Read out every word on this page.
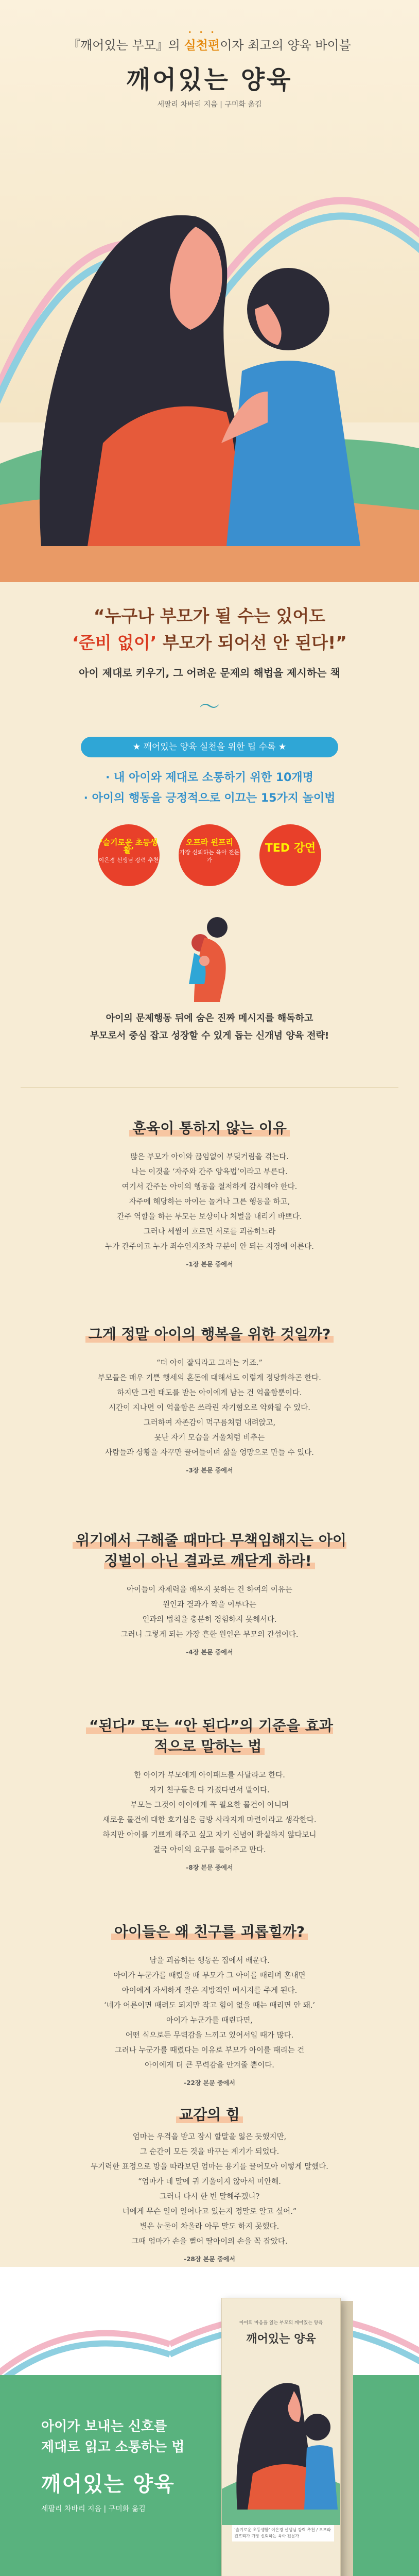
『깨어있는 부모』의 • • • 실천편이자 최고의 양육 바이블
깨어있는 양육
세팔리 차바리 지음 | 구미화 옮김
“누구나 부모가 될 수는 있어도
‘준비 없이’ 부모가 되어선 안 된다!”
아이 제대로 키우기, 그 어려운 문제의 해법을 제시하는 책
〜
★ 깨어있는 양육 실천을 위한 팁 수록 ★
· 내 아이와 제대로 소통하기 위한 10개명
· 아이의 행동을 긍정적으로 이끄는 15가지 놀이법
‘슬기로운 초등생활’
이은경 선생님 강력 추천
오프라 윈프리
가장 신뢰하는 육아 전문가
TED 강연
아이의 문제행동 뒤에 숨은 진짜 메시지를 해독하고
부모로서 중심 잡고 성장할 수 있게 돕는 신개념 양육 전략!
훈육이 통하지 않는 이유
많은 부모가 아이와 끊임없이 부딪거림을 겪는다.
나는 이것을 ‘자주와 간주 양육법’이라고 부른다.
여기서 간주는 아이의 행동을 철저하게 감시해야 한다.
자주에 해당하는 아이는 놀거나 그른 행동을 하고,
간주 역할을 하는 부모는 보상이나 처벌을 내리기 바쁘다.
그러나 세월이 흐르면 서로를 괴롭히느라
누가 간주이고 누가 죄수인지조차 구분이 안 되는 지경에 이른다.
-1장 본문 중에서
그게 정말 아이의 행복을 위한 것일까?
“더 아이 잘되라고 그러는 거죠.”
부모들은 매우 기쁜 행세의 혼돈에 대해서도 이렇게 정당화하곤 한다.
하지만 그런 태도를 받는 아이에게 남는 건 억울함뿐이다.
시간이 지나면 이 억울함은 쓰라린 자기혐오로 악화될 수 있다.
그러하여 자존감이 먹구름처럼 내려앉고,
못난 자기 모습을 거울처럼 비추는
사람들과 상황을 자꾸만 끌어들이며 삶을 엉망으로 만들 수 있다.
-3장 본문 중에서
위기에서 구해줄 때마다 무책임해지는 아이 징벌이 아닌 결과로 깨닫게 하라!
아이들이 자제력을 배우지 못하는 건 하여의 이유는
원인과 결과가 짝을 이루다는
인과의 법칙을 충분히 경험하지 못해서다.
그러니 그렇게 되는 가장 흔한 원인은 부모의 간섭이다.
-4장 본문 중에서
“된다” 또는 “안 된다”의 기준을 효과적으로 말하는 법
한 아이가 부모에게 아이패드를 사달라고 한다.
자기 친구들은 다 가졌다면서 말이다.
부모는 그것이 아이에게 꼭 필요한 물건이 아니며
새로운 물건에 대한 호기심은 금방 사라지게 마련이라고 생각한다.
하지만 아이를 기쁘게 해주고 싶고 자기 신념이 확실하지 않다보니
결국 아이의 요구를 들어주고 만다.
-8장 본문 중에서
아이들은 왜 친구를 괴롭힐까?
남을 괴롭히는 행동은 집에서 배운다.
아이가 누군가를 때렸을 때 부모가 그 아이를 때리며 혼내면
아이에게 자세하게 잘은 지방적인 메시지를 주게 된다.
‘네가 어른이면 때려도 되지만 작고 힘이 없을 때는 때리면 안 돼.’
아이가 누군가를 때린다면,
어떤 식으로든 무력감을 느끼고 있어서일 때가 많다.
그러나 누군가를 때렸다는 이유로 부모가 아이를 때리는 건
아이에게 더 큰 무력감을 안겨줄 뿐이다.
-22장 본문 중에서
교감의 힘
엄마는 우격을 받고 잠시 할말을 잃은 듯했지만,
그 순간이 모든 것을 바꾸는 계기가 되었다.
무기력한 표정으로 방을 따라보던 엄마는 용기를 끌어모아 이렇게 말했다.
“엄마가 네 말에 귀 기울이지 않아서 미안해.
그러니 다시 한 번 말해주겠니?
너에게 무슨 일이 일어나고 있는지 정말로 알고 싶어.”
별은 눈물이 차올라 아무 말도 하지 못했다.
그때 엄마가 손을 뻗어 딸아이의 손을 꼭 잡았다.
-28장 본문 중에서
아이가 보내는 신호를
제대로 읽고 소통하는 법
깨어있는 양육
세팔리 차바리 지음 | 구미화 옮김
아이의 마음을 읽는 부모의 깨어있는 양육
깨어있는 양육
‘슬기로운 초등생활’ 이은경 선생님 강력 추천 / 오프라 윈프리가 가장 신뢰하는 육아 전문가
